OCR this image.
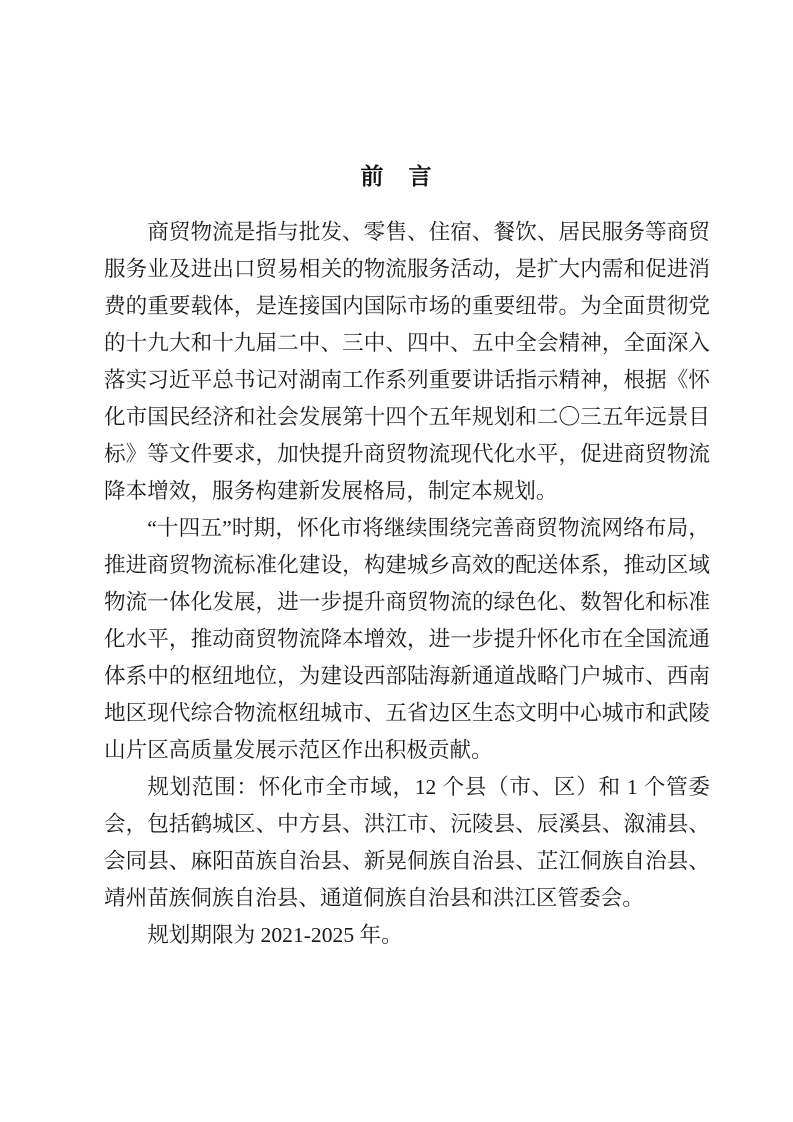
前　言

商贸物流是指与批发、零售、住宿、餐饮、居民服务等商贸服务业及进出口贸易相关的物流服务活动，是扩大内需和促进消费的重要载体，是连接国内国际市场的重要纽带。为全面贯彻党的十九大和十九届二中、三中、四中、五中全会精神，全面深入落实习近平总书记对湖南工作系列重要讲话指示精神，根据《怀化市国民经济和社会发展第十四个五年规划和二〇三五年远景目标》等文件要求，加快提升商贸物流现代化水平，促进商贸物流降本增效，服务构建新发展格局，制定本规划。

“十四五”时期，怀化市将继续围绕完善商贸物流网络布局，推进商贸物流标准化建设，构建城乡高效的配送体系，推动区域物流一体化发展，进一步提升商贸物流的绿色化、数智化和标准化水平，推动商贸物流降本增效，进一步提升怀化市在全国流通体系中的枢纽地位，为建设西部陆海新通道战略门户城市、西南地区现代综合物流枢纽城市、五省边区生态文明中心城市和武陵山片区高质量发展示范区作出积极贡献。

规划范围：怀化市全市域，12 个县（市、区）和 1 个管委会，包括鹤城区、中方县、洪江市、沅陵县、辰溪县、溆浦县、会同县、麻阳苗族自治县、新晃侗族自治县、芷江侗族自治县、靖州苗族侗族自治县、通道侗族自治县和洪江区管委会。

规划期限为 2021-2025 年。
